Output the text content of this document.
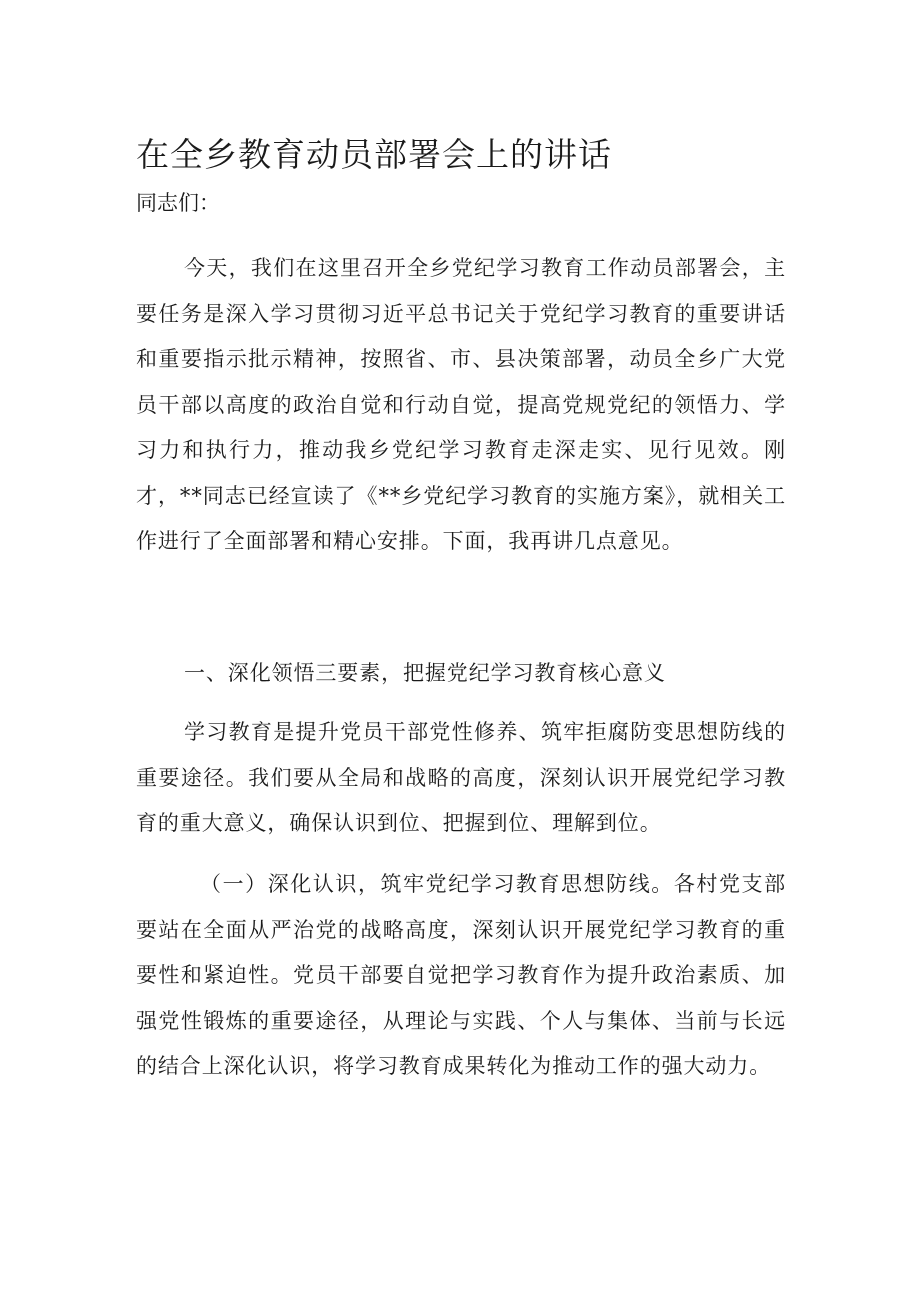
在全乡教育动员部署会上的讲话

同志们：

今天，我们在这里召开全乡党纪学习教育工作动员部署会，主要任务是深入学习贯彻习近平总书记关于党纪学习教育的重要讲话和重要指示批示精神，按照省、市、县决策部署，动员全乡广大党员干部以高度的政治自觉和行动自觉，提高党规党纪的领悟力、学习力和执行力，推动我乡党纪学习教育走深走实、见行见效。刚才，**同志已经宣读了《**乡党纪学习教育的实施方案》，就相关工作进行了全面部署和精心安排。下面，我再讲几点意见。

一、深化领悟三要素，把握党纪学习教育核心意义

学习教育是提升党员干部党性修养、筑牢拒腐防变思想防线的重要途径。我们要从全局和战略的高度，深刻认识开展党纪学习教育的重大意义，确保认识到位、把握到位、理解到位。

（一）深化认识，筑牢党纪学习教育思想防线。各村党支部要站在全面从严治党的战略高度，深刻认识开展党纪学习教育的重要性和紧迫性。党员干部要自觉把学习教育作为提升政治素质、加强党性锻炼的重要途径，从理论与实践、个人与集体、当前与长远的结合上深化认识，将学习教育成果转化为推动工作的强大动力。
